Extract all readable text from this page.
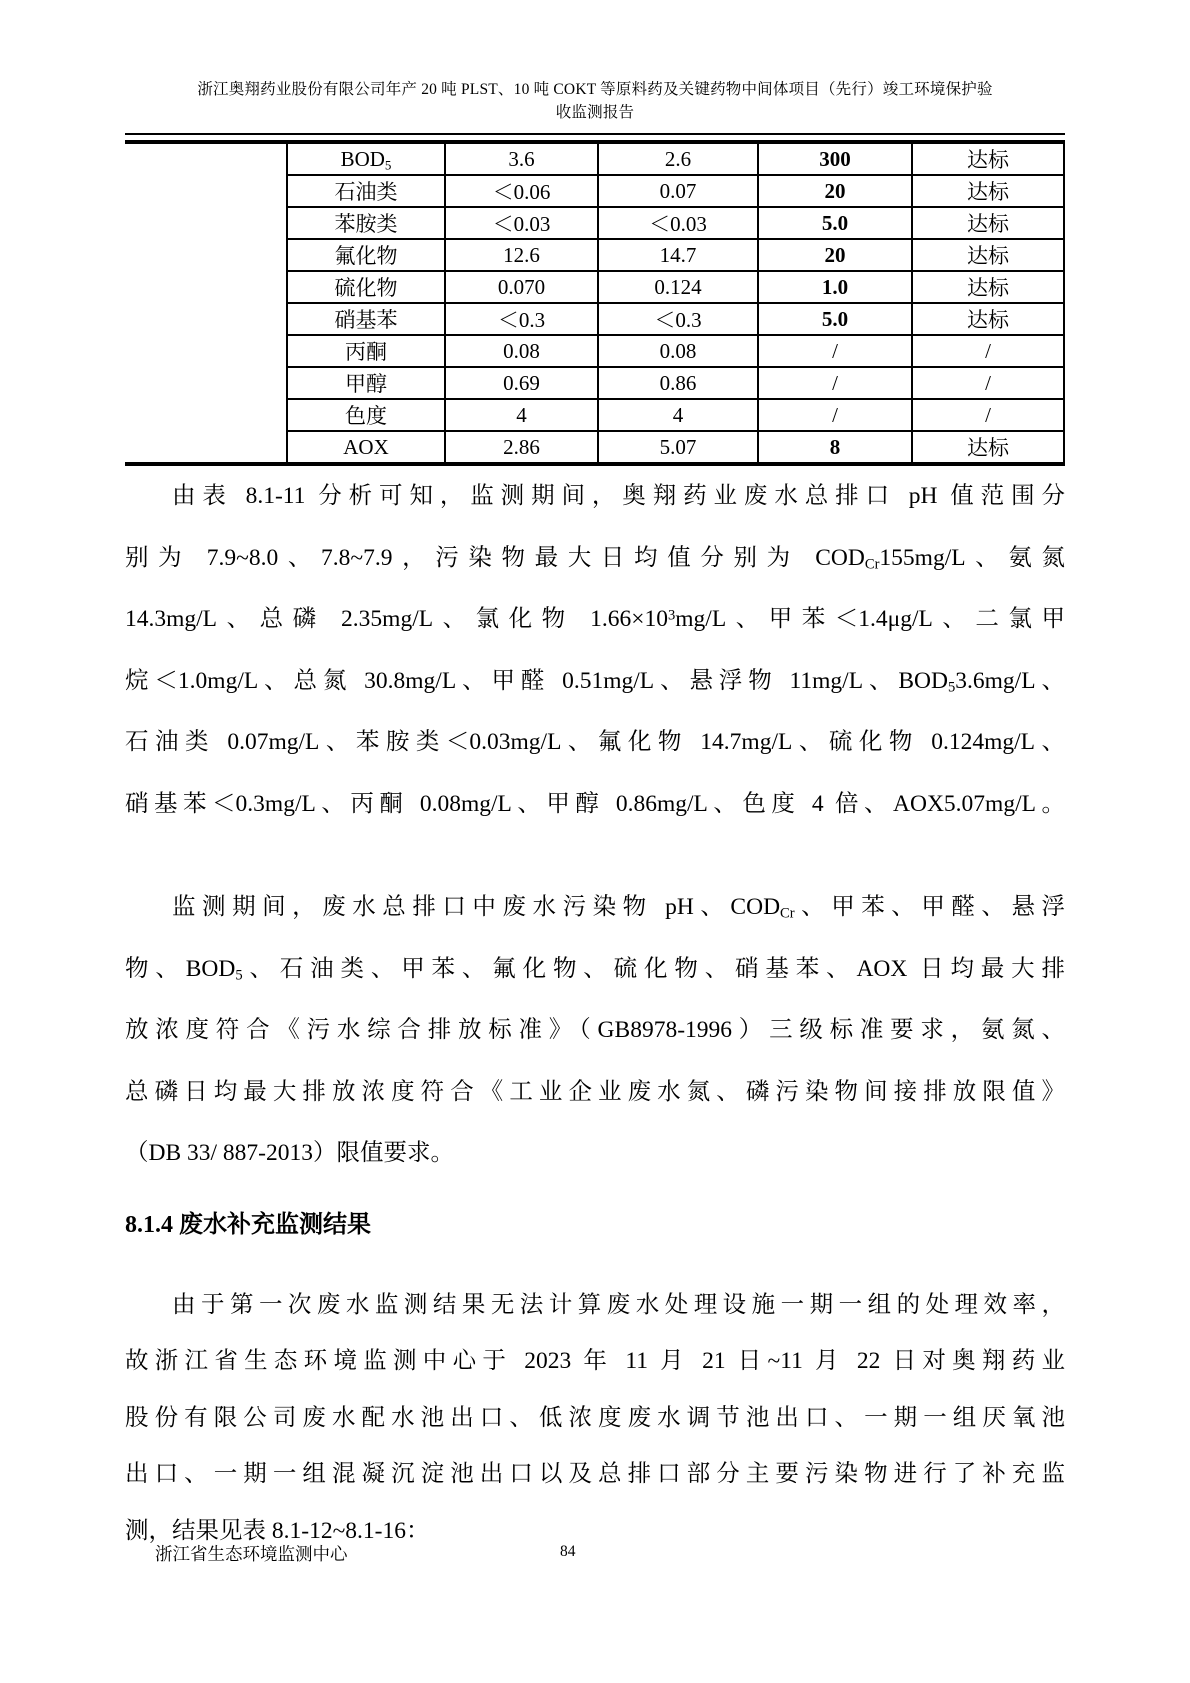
浙江奥翔药业股份有限公司年产 20 吨 PLST、10 吨 COKT 等原料药及关键药物中间体项目（先行）竣工环境保护验
收监测报告
$BOD_5$	3.6	2.6	300	达标
石油类	＜0.06	0.07	20	达标
苯胺类	＜0.03	＜0.03	5.0	达标
氟化物	12.6	14.7	20	达标
硫化物	0.070	0.124	1.0	达标
硝基苯	＜0.3	＜0.3	5.0	达标
丙酮	0.08	0.08	/	/
甲醇	0.69	0.86	/	/
色度	4	4	/	/
AOX	2.86	5.07	8	达标
由表 8.1-11 分析可知，监测期间，奥翔药业废水总排口 pH 值范围分
别为 7.9~8.0、7.8~7.9，污染物最大日均值分别为 $COD_{Cr}155mg/L$、氨氮
14.3mg/L、总磷 2.35mg/L、氯化物 $1.66\times 10^3mg/L$、甲苯＜1.4μg/L、二氯甲
烷＜1.0mg/L、总氮 30.8mg/L、甲醛 0.51mg/L、悬浮物 11mg/L、$BOD_53.6mg/L$、
石油类 0.07mg/L、苯胺类＜0.03mg/L、氟化物 14.7mg/L、硫化物 0.124mg/L、
硝基苯＜0.3mg/L、丙酮 0.08mg/L、甲醇 0.86mg/L、色度 4 倍、AOX5.07mg/L。
监测期间，废水总排口中废水污染物 pH、$COD_{Cr}$、甲苯、甲醛、悬浮
物、$BOD_5$、石油类、甲苯、氟化物、硫化物、硝基苯、AOX 日均最大排
放浓度符合《污水综合排放标准》（GB8978-1996）三级标准要求，氨氮、
总磷日均最大排放浓度符合《工业企业废水氮、磷污染物间接排放限值》
（DB 33/ 887-2013）限值要求。
8.1.4 废水补充监测结果
由于第一次废水监测结果无法计算废水处理设施一期一组的处理效率，
故浙江省生态环境监测中心于 2023 年 11 月 21 日~11 月 22 日对奥翔药业
股份有限公司废水配水池出口、低浓度废水调节池出口、一期一组厌氧池
出口、一期一组混凝沉淀池出口以及总排口部分主要污染物进行了补充监
测，结果见表 8.1-12~8.1-16：
浙江省生态环境监测中心	84
